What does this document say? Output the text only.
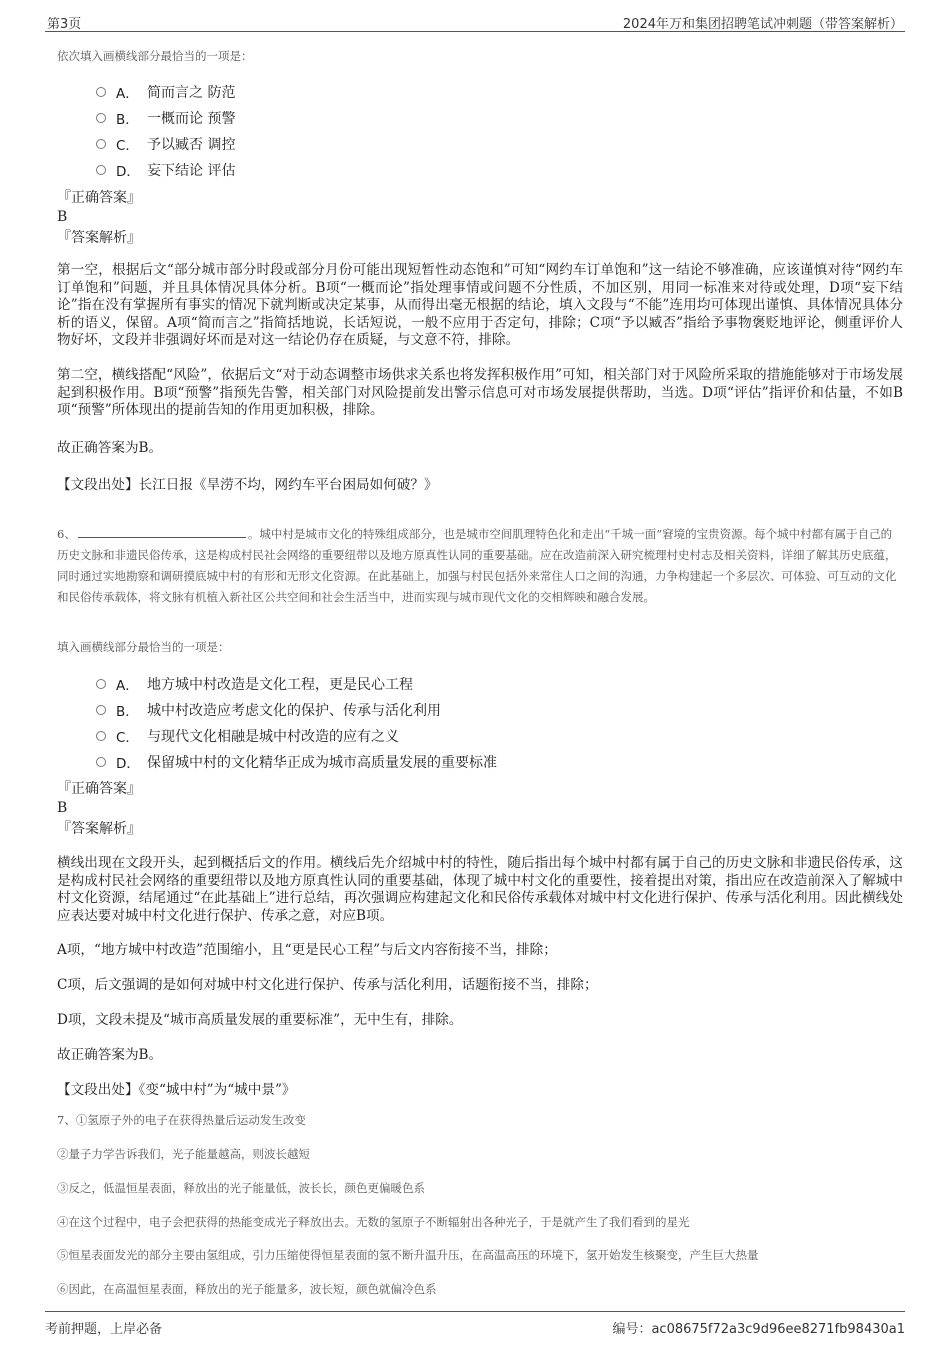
第3页	2024年万和集团招聘笔试冲刺题（带答案解析）
依次填入画横线部分最恰当的一项是：
A． 简而言之 防范
B． 一概而论 预警
C． 予以臧否 调控
D． 妄下结论 评估
『正确答案』
B
『答案解析』

第一空，根据后文“部分城市部分时段或部分月份可能出现短暂性动态饱和”可知“网约车订单饱和”这一结论不够准确，应该谨慎对待“网约车订单饱和”问题，并且具体情况具体分析。B项“一概而论”指处理事情或问题不分性质，不加区别，用同一标准来对待或处理，D项“妄下结论”指在没有掌握所有事实的情况下就判断或决定某事，从而得出毫无根据的结论，填入文段与“不能”连用均可体现出谨慎、具体情况具体分析的语义，保留。A项“简而言之”指简括地说，长话短说，一般不应用于否定句，排除；C项“予以臧否”指给予事物褒贬地评论，侧重评价人物好坏，文段并非强调好坏而是对这一结论仍存在质疑，与文意不符，排除。

第二空，横线搭配“风险”，依据后文“对于动态调整市场供求关系也将发挥积极作用”可知，相关部门对于风险所采取的措施能够对于市场发展起到积极作用。B项“预警”指预先告警，相关部门对风险提前发出警示信息可对市场发展提供帮助，当选。D项“评估”指评价和估量，不如B项“预警”所体现出的提前告知的作用更加积极，排除。

故正确答案为B。

【文段出处】长江日报《旱涝不均，网约车平台困局如何破？》

6、	。城中村是城市文化的特殊组成部分，也是城市空间肌理特色化和走出“千城一面”窘境的宝贵资源。每个城中村都有属于自己的历史文脉和非遗民俗传承，这是构成村民社会网络的重要纽带以及地方原真性认同的重要基础。应在改造前深入研究梳理村史村志及相关资料，详细了解其历史底蕴，同时通过实地勘察和调研摸底城中村的有形和无形文化资源。在此基础上，加强与村民包括外来常住人口之间的沟通，力争构建起一个多层次、可体验、可互动的文化和民俗传承载体，将文脉有机植入新社区公共空间和社会生活当中，进而实现与城市现代文化的交相辉映和融合发展。
填入画横线部分最恰当的一项是：
A． 地方城中村改造是文化工程，更是民心工程
B． 城中村改造应考虑文化的保护、传承与活化利用
C． 与现代文化相融是城中村改造的应有之义
D． 保留城中村的文化精华正成为城市高质量发展的重要标准
『正确答案』
B
『答案解析』

横线出现在文段开头，起到概括后文的作用。横线后先介绍城中村的特性，随后指出每个城中村都有属于自己的历史文脉和非遗民俗传承，这是构成村民社会网络的重要纽带以及地方原真性认同的重要基础，体现了城中村文化的重要性，接着提出对策，指出应在改造前深入了解城中村文化资源，结尾通过“在此基础上”进行总结，再次强调应构建起文化和民俗传承载体对城中村文化进行保护、传承与活化利用。因此横线处应表达要对城中村文化进行保护、传承之意，对应B项。

A项，“地方城中村改造”范围缩小，且“更是民心工程”与后文内容衔接不当，排除；

C项，后文强调的是如何对城中村文化进行保护、传承与活化利用，话题衔接不当，排除；

D项，文段未提及“城市高质量发展的重要标准”，无中生有，排除。

故正确答案为B。

【文段出处】《变“城中村”为“城中景”》

7、①氢原子外的电子在获得热量后运动发生改变
②量子力学告诉我们，光子能量越高，则波长越短
③反之，低温恒星表面，释放出的光子能量低，波长长，颜色更偏暖色系
④在这个过程中，电子会把获得的热能变成光子释放出去。无数的氢原子不断辐射出各种光子，于是就产生了我们看到的星光
⑤恒星表面发光的部分主要由氢组成，引力压缩使得恒星表面的氢不断升温升压，在高温高压的环境下，氢开始发生核聚变，产生巨大热量
⑥因此，在高温恒星表面，释放出的光子能量多，波长短，颜色就偏冷色系
考前押题，上岸必备	编号：ac08675f72a3c9d96ee8271fb98430a1
